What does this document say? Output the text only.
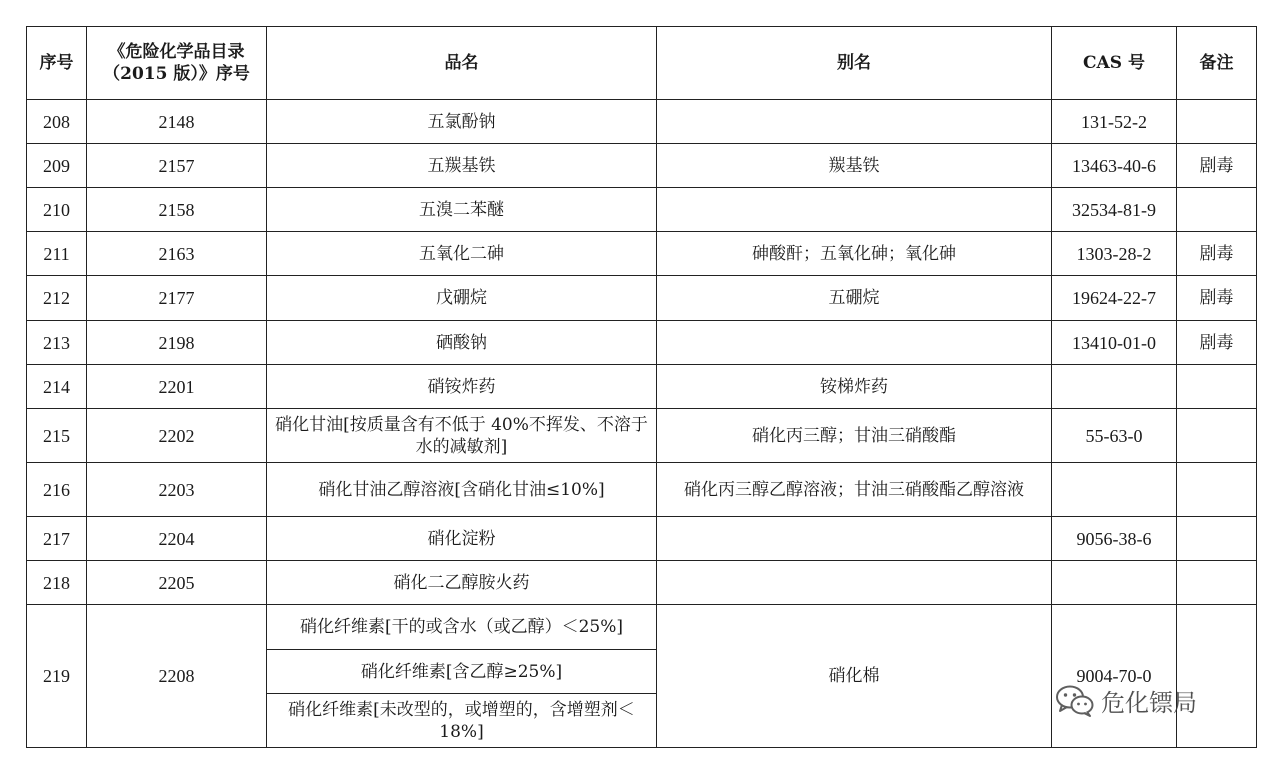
序号	《危险化学品目录
（2015 版）》序号	品名	别名	CAS 号	备注
208	2148	五氯酚钠		131-52-2	
209	2157	五羰基铁	羰基铁	13463-40-6	剧毒
210	2158	五溴二苯醚		32534-81-9	
211	2163	五氧化二砷	砷酸酐；五氧化砷；氧化砷	1303-28-2	剧毒
212	2177	戊硼烷	五硼烷	19624-22-7	剧毒
213	2198	硒酸钠		13410-01-0	剧毒
214	2201	硝铵炸药	铵梯炸药		
215	2202	硝化甘油[按质量含有不低于 40%不挥发、不溶于水的减敏剂]	硝化丙三醇；甘油三硝酸酯	55-63-0	
216	2203	硝化甘油乙醇溶液[含硝化甘油≤10%]	硝化丙三醇乙醇溶液；甘油三硝酸酯乙醇溶液		
217	2204	硝化淀粉		9056-38-6	
218	2205	硝化二乙醇胺火药			
219	2208	硝化纤维素[干的或含水（或乙醇）＜25%]
硝化纤维素[含乙醇≥25%]
硝化纤维素[未改型的，或增塑的，含增塑剂＜18%]	硝化棉	9004-70-0	
危化镖局
